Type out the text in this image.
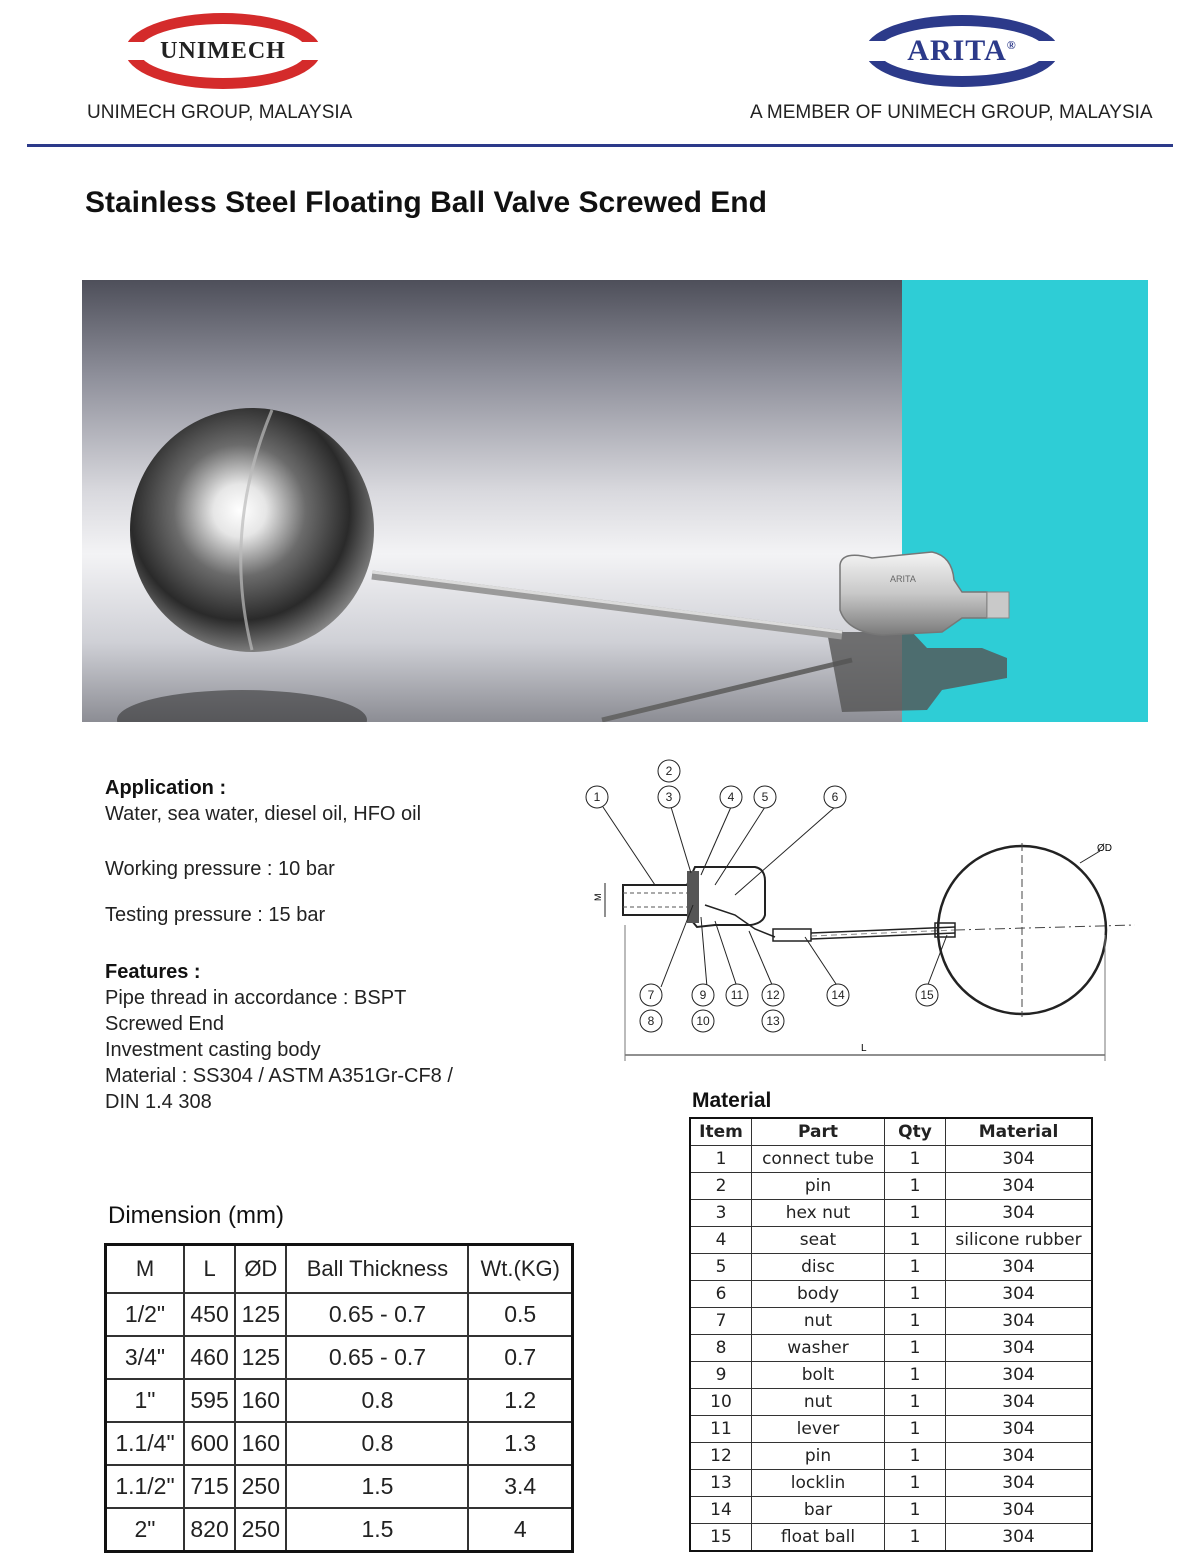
UNIMECH
UNIMECH GROUP, MALAYSIA
ARITA®
A MEMBER OF UNIMECH GROUP, MALAYSIA
Stainless Steel Floating Ball Valve Screwed End
ARITA
Application :
Water, sea water, diesel oil, HFO oil
Working pressure : 10 bar
Testing pressure : 15 bar
Features :
Pipe thread in accordance : BSPT
Screwed End
Investment casting body
Material : SS304 / ASTM A351Gr-CF8 /
DIN 1.4 308
ØD
M
L
1
2
3	4 5	6
7
8
9
10
11 12
13
14	15
Dimension (mm)
M	L	ØD	Ball Thickness	Wt.(KG)
1/2"	450	125	0.65 - 0.7	0.5
3/4"	460	125	0.65 - 0.7	0.7
1"	595	160	0.8	1.2
1.1/4"	600	160	0.8	1.3
1.1/2"	715	250	1.5	3.4
2"	820	250	1.5	4
Material
Item	Part	Qty	Material
1	connect tube	1	304
2	pin	1	304
3	hex nut	1	304
4	seat	1	silicone rubber
5	disc	1	304
6	body	1	304
7	nut	1	304
8	washer	1	304
9	bolt	1	304
10	nut	1	304
11	lever	1	304
12	pin	1	304
13	locklin	1	304
14	bar	1	304
15	float ball	1	304
